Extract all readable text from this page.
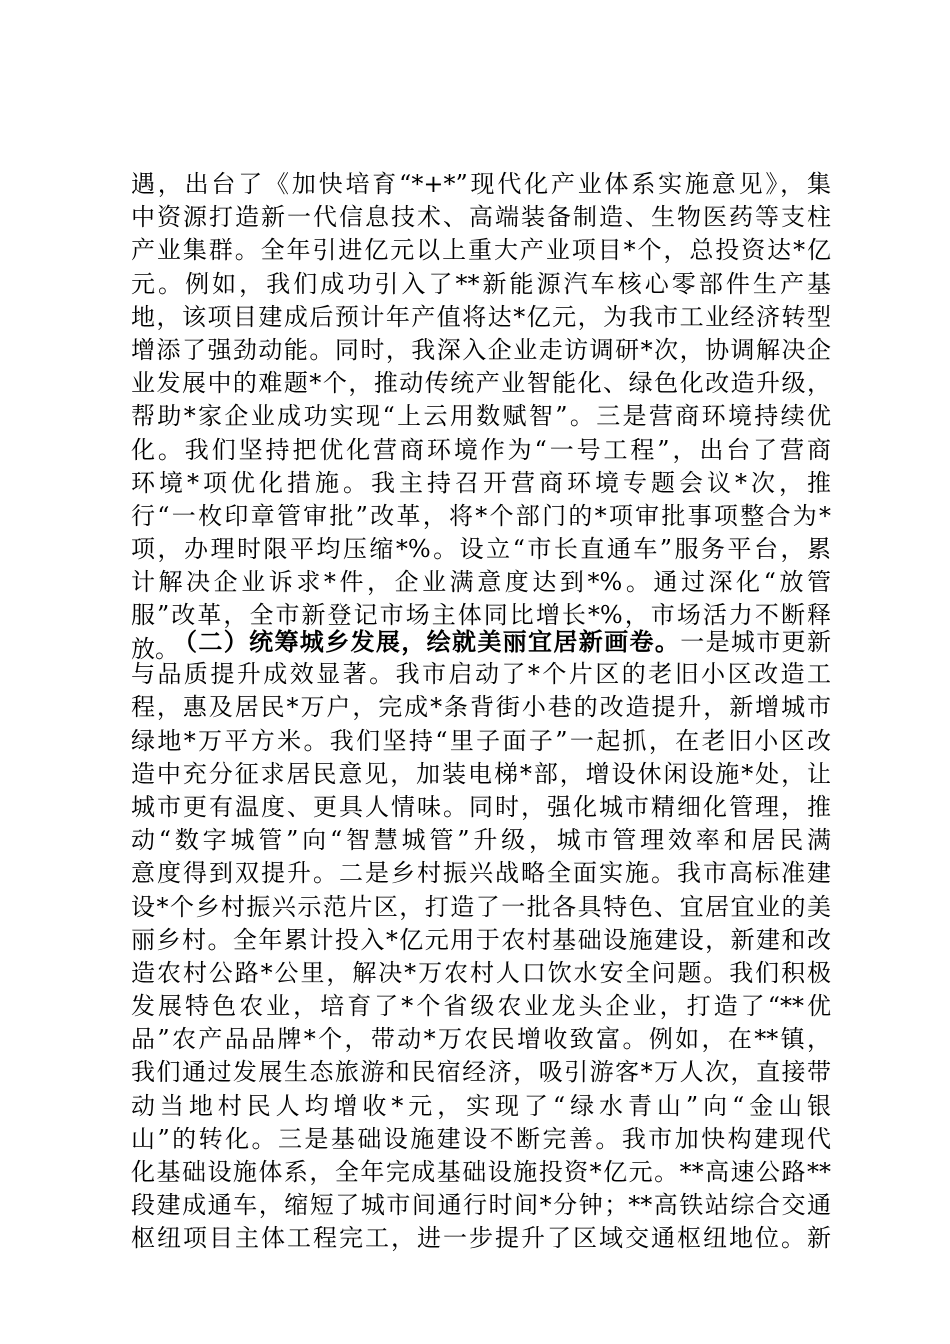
遇，出台了《加快培育“*+*”现代化产业体系实施意见》，集
中资源打造新一代信息技术、高端装备制造、生物医药等支柱
产业集群。全年引进亿元以上重大产业项目*个，总投资达*亿
元。例如，我们成功引入了**新能源汽车核心零部件生产基
地，该项目建成后预计年产值将达*亿元，为我市工业经济转型
增添了强劲动能。同时，我深入企业走访调研*次，协调解决企
业发展中的难题*个，推动传统产业智能化、绿色化改造升级，
帮助*家企业成功实现“上云用数赋智”。三是营商环境持续优
化。我们坚持把优化营商环境作为“一号工程”，出台了营商
环境*项优化措施。我主持召开营商环境专题会议*次，推
行“一枚印章管审批”改革，将*个部门的*项审批事项整合为*
项，办理时限平均压缩*%。设立“市长直通车”服务平台，累
计解决企业诉求*件，企业满意度达到*%。通过深化“放管
服”改革，全市新登记市场主体同比增长*%，市场活力不断释
放。
（二）统筹城乡发展，绘就美丽宜居新画卷。一是城市更新
与品质提升成效显著。我市启动了*个片区的老旧小区改造工
程，惠及居民*万户，完成*条背街小巷的改造提升，新增城市
绿地*万平方米。我们坚持“里子面子”一起抓，在老旧小区改
造中充分征求居民意见，加装电梯*部，增设休闲设施*处，让
城市更有温度、更具人情味。同时，强化城市精细化管理，推
动“数字城管”向“智慧城管”升级，城市管理效率和居民满
意度得到双提升。二是乡村振兴战略全面实施。我市高标准建
设*个乡村振兴示范片区，打造了一批各具特色、宜居宜业的美
丽乡村。全年累计投入*亿元用于农村基础设施建设，新建和改
造农村公路*公里，解决*万农村人口饮水安全问题。我们积极
发展特色农业，培育了*个省级农业龙头企业，打造了“**优
品”农产品品牌*个，带动*万农民增收致富。例如，在**镇，
我们通过发展生态旅游和民宿经济，吸引游客*万人次，直接带
动当地村民人均增收*元，实现了“绿水青山”向“金山银
山”的转化。三是基础设施建设不断完善。我市加快构建现代
化基础设施体系，全年完成基础设施投资*亿元。**高速公路**
段建成通车，缩短了城市间通行时间*分钟；**高铁站综合交通
枢纽项目主体工程完工，进一步提升了区域交通枢纽地位。新
